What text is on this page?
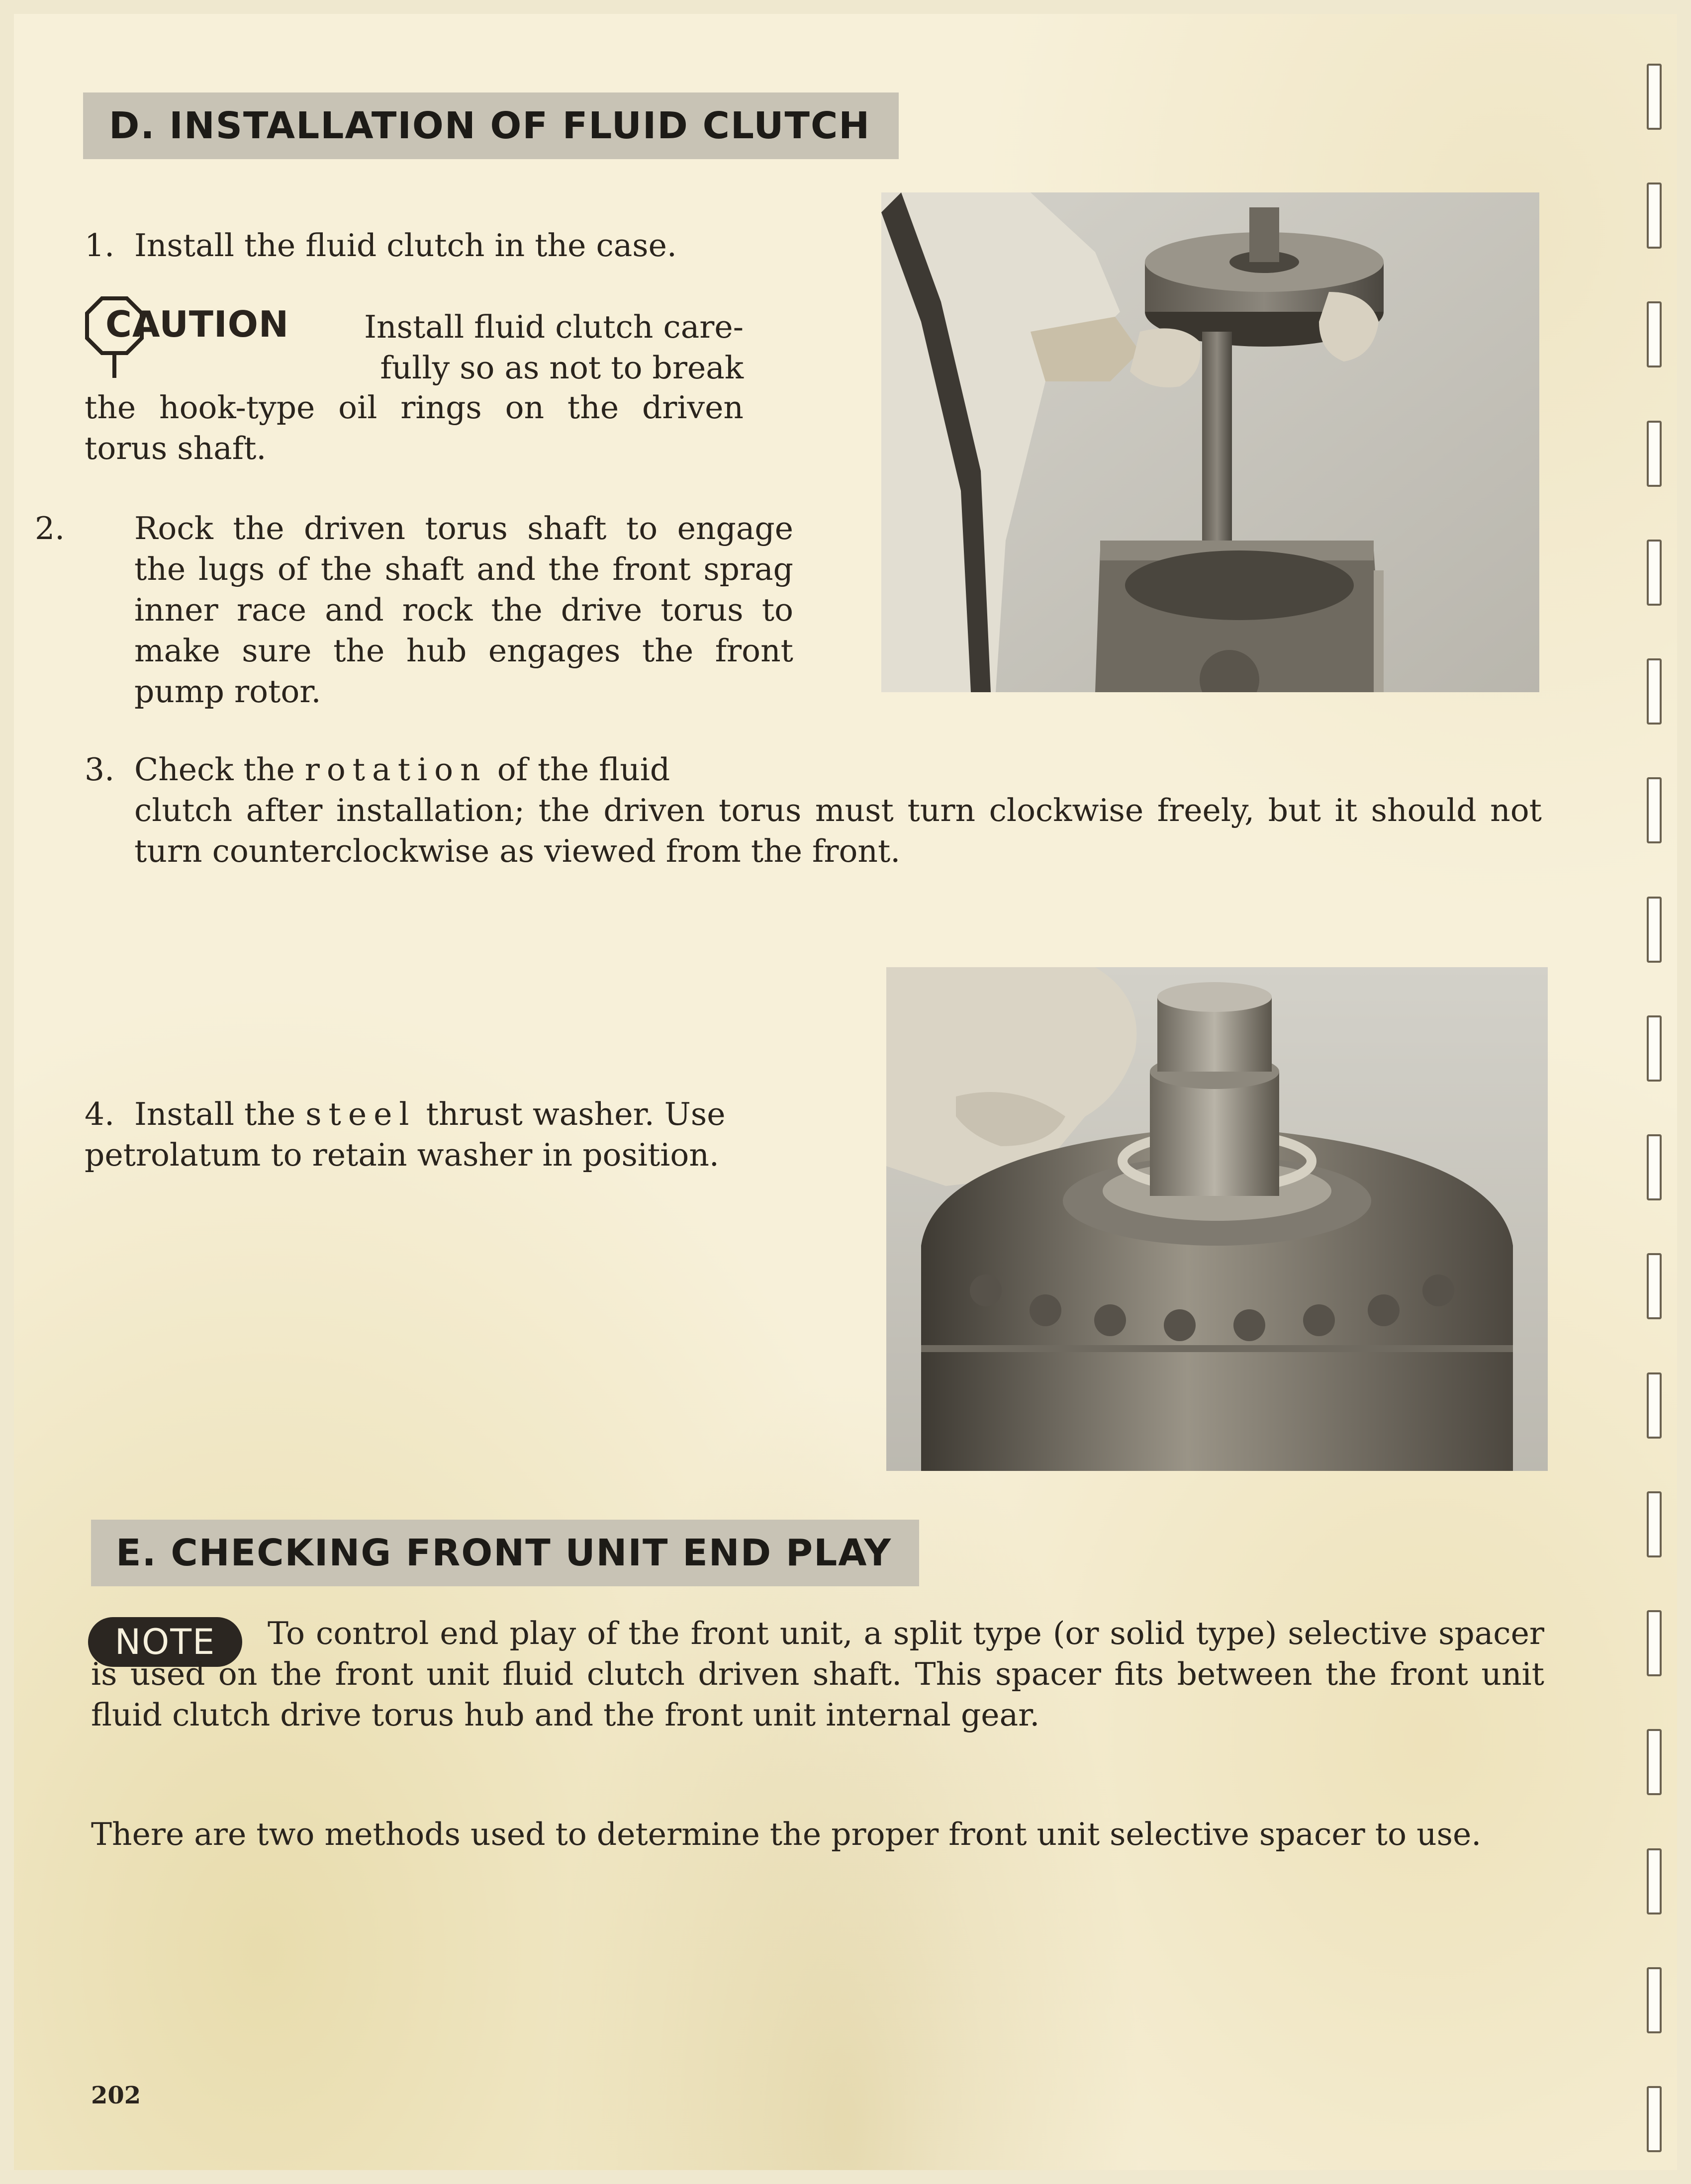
D. INSTALLATION OF FLUID CLUTCH

1. Install the fluid clutch in the case.

CAUTION	Install fluid clutch care-

fully so as not to break

the hook-type oil rings on the driven

torus shaft.

2. Rock the driven torus shaft to engage the lugs of the shaft and the front sprag inner race and rock the drive torus to make sure the hub engages the front pump rotor.

3. Check the rotation of the fluid

clutch after installation; the driven torus must turn clockwise freely, but it should not turn counterclockwise as viewed from the front.

4. Install the steel thrust washer. Use petrolatum to retain washer in position.

E. CHECKING FRONT UNIT END PLAY
NOTE	To control end play of the front unit, a split type (or solid type) selective spacer is used on the front unit fluid clutch driven shaft. This spacer fits between the front unit fluid clutch drive torus hub and the front unit internal gear.

There are two methods used to determine the proper front unit selective spacer to use.

202
